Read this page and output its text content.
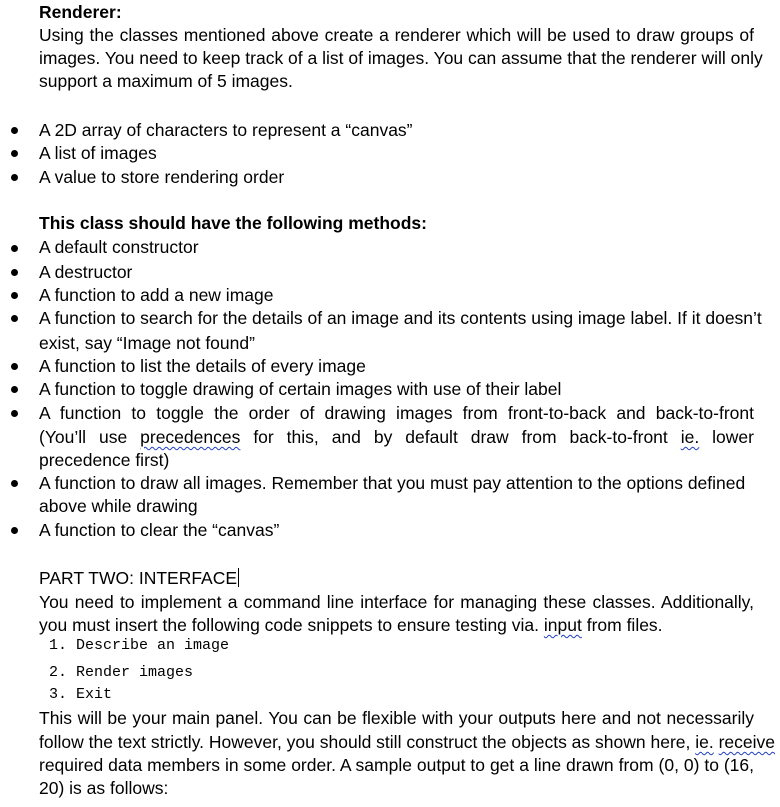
Renderer:
Using the classes mentioned above create a renderer which will be used to draw groups of
images. You need to keep track of a list of images. You can assume that the renderer will only
support a maximum of 5 images.
A 2D array of characters to represent a “canvas”
A list of images
A value to store rendering order
This class should have the following methods:
A default constructor
A destructor
A function to add a new image
A function to search for the details of an image and its contents using image label. If it doesn’t
exist, say “Image not found”
A function to list the details of every image
A function to toggle drawing of certain images with use of their label
A function to toggle the order of drawing images from front-to-back and back-to-front
(You’ll use precedences for this, and by default draw from back-to-front ie. lower
precedence first)
A function to draw all images. Remember that you must pay attention to the options defined
above while drawing
A function to clear the “canvas”
PART TWO: INTERFACE
You need to implement a command line interface for managing these classes. Additionally,
you must insert the following code snippets to ensure testing via. input from files.
1. Describe an image
2. Render images
3. Exit
This will be your main panel. You can be flexible with your outputs here and not necessarily
follow the text strictly. However, you should still construct the objects as shown here, ie. receive
required data members in some order. A sample output to get a line drawn from (0, 0) to (16,
20) is as follows:
